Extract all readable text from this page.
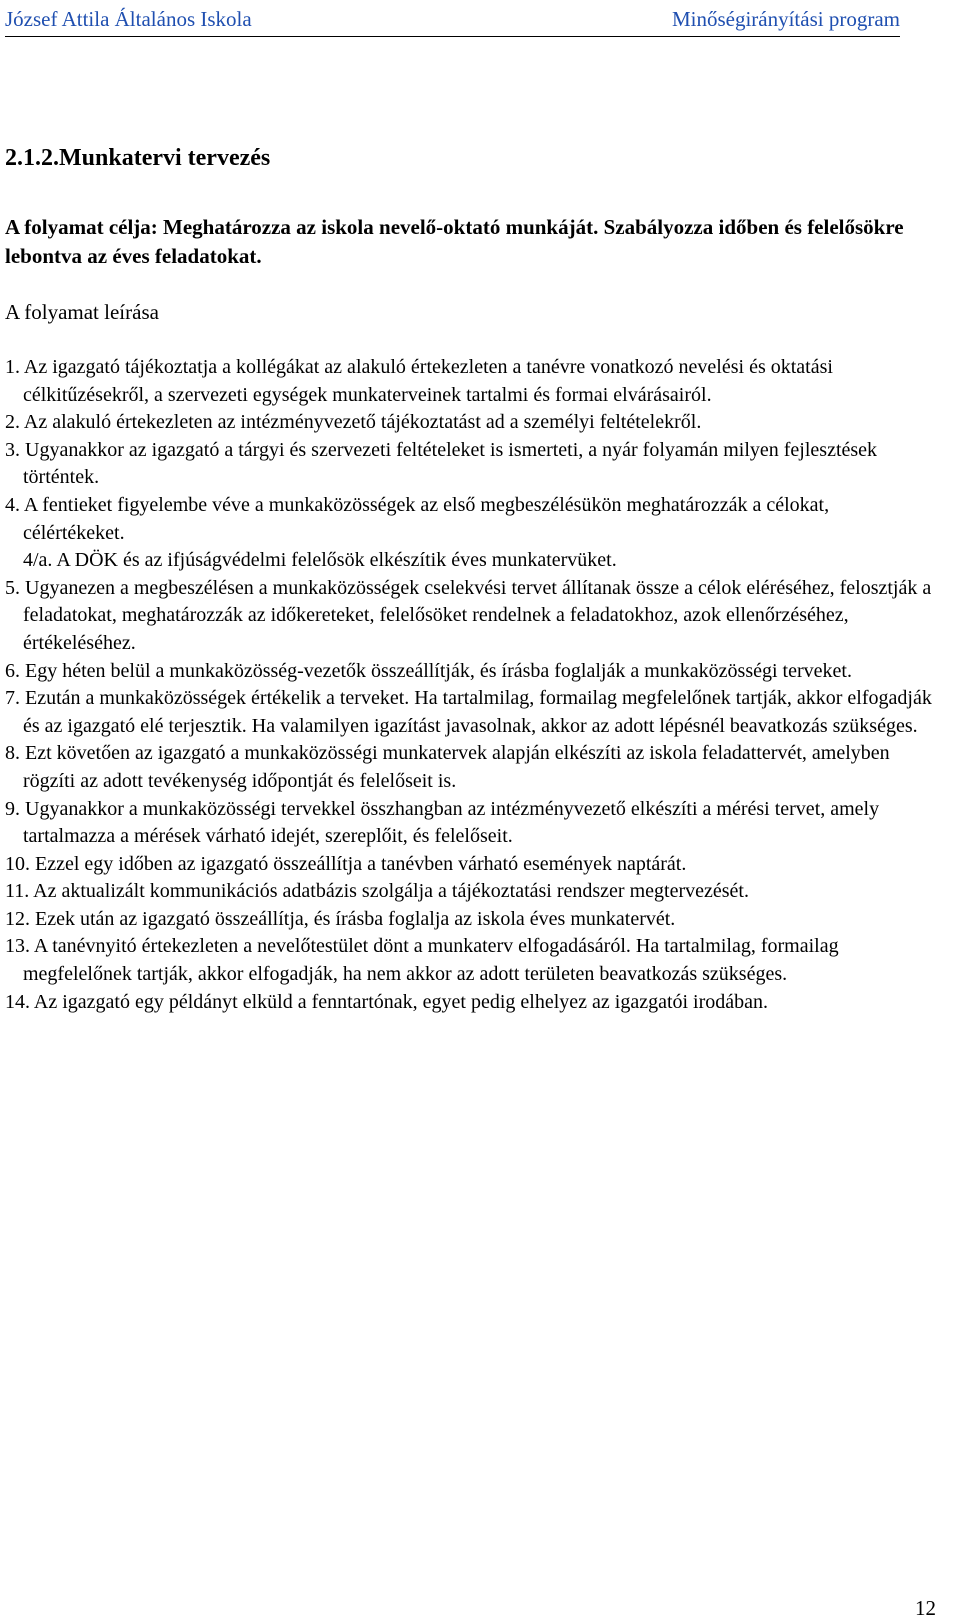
József Attila Általános Iskola	Minőségirányítási program
2.1.2.Munkatervi tervezés
A folyamat célja: Meghatározza az iskola nevelő-oktató munkáját. Szabályozza időben és felelősökre lebontva az éves feladatokat.
A folyamat leírása
1. Az igazgató tájékoztatja a kollégákat az alakuló értekezleten a tanévre vonatkozó nevelési és oktatási célkitűzésekről, a szervezeti egységek munkaterveinek tartalmi és formai elvárásairól.
2. Az alakuló értekezleten az intézményvezető tájékoztatást ad a személyi feltételekről.
3. Ugyanakkor az igazgató a tárgyi és szervezeti feltételeket is ismerteti, a nyár folyamán milyen fejlesztések történtek.
4. A fentieket figyelembe véve a munkaközösségek az első megbeszélésükön meghatározzák a célokat, célértékeket.
4/a. A DÖK és az ifjúságvédelmi felelősök elkészítik éves munkatervüket.
5. Ugyanezen a megbeszélésen a munkaközösségek cselekvési tervet állítanak össze a célok eléréséhez, felosztják a feladatokat, meghatározzák az időkereteket, felelősöket rendelnek a feladatokhoz, azok ellenőrzéséhez, értékeléséhez.
6. Egy héten belül a munkaközösség-vezetők összeállítják, és írásba foglalják a munkaközösségi terveket.
7. Ezután a munkaközösségek értékelik a terveket. Ha tartalmilag, formailag megfelelőnek tartják, akkor elfogadják és az igazgató elé terjesztik. Ha valamilyen igazítást javasolnak, akkor az adott lépésnél beavatkozás szükséges.
8. Ezt követően az igazgató a munkaközösségi munkatervek alapján elkészíti az iskola feladattervét, amelyben rögzíti az adott tevékenység időpontját és felelőseit is.
9. Ugyanakkor a munkaközösségi tervekkel összhangban az intézményvezető elkészíti a mérési tervet, amely tartalmazza a mérések várható idejét, szereplőit, és felelőseit.
10. Ezzel egy időben az igazgató összeállítja a tanévben várható események naptárát.
11. Az aktualizált kommunikációs adatbázis szolgálja a tájékoztatási rendszer megtervezését.
12. Ezek után az igazgató összeállítja, és írásba foglalja az iskola éves munkatervét.
13. A tanévnyitó értekezleten a nevelőtestület dönt a munkaterv elfogadásáról. Ha tartalmilag, formailag megfelelőnek tartják, akkor elfogadják, ha nem akkor az adott területen beavatkozás szükséges.
14. Az igazgató egy példányt elküld a fenntartónak, egyet pedig elhelyez az igazgatói irodában.
12
